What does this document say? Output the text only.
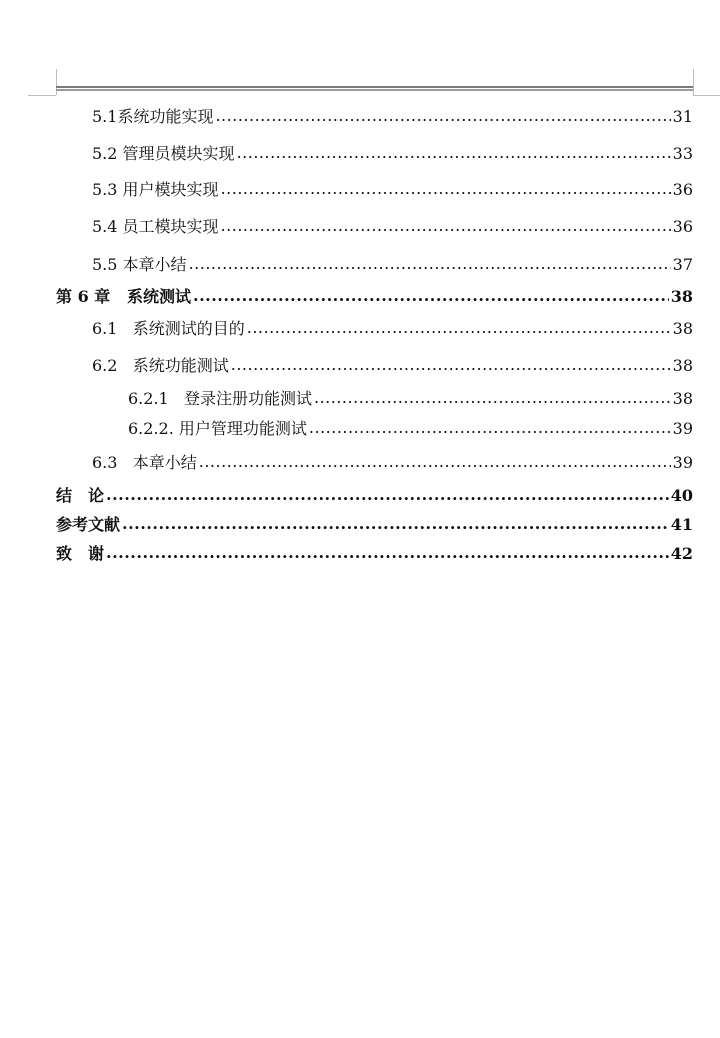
5.1系统功能实现 .....	31
5.2 管理员模块实现 .....	33
5.3 用户模块实现 .....	36
5.4 员工模块实现 .....	36
5.5 本章小结 .....	37
第 6 章 系统测试 .....	38
6.1 系统测试的目的 .....	38
6.2 系统功能测试 .....	38
6.2.1 登录注册功能测试 .....	38
6.2.2. 用户管理功能测试 .....	39
6.3 本章小结 .....	39
结　论 .....	40
参考文献 .....	41
致　谢 .....	42
